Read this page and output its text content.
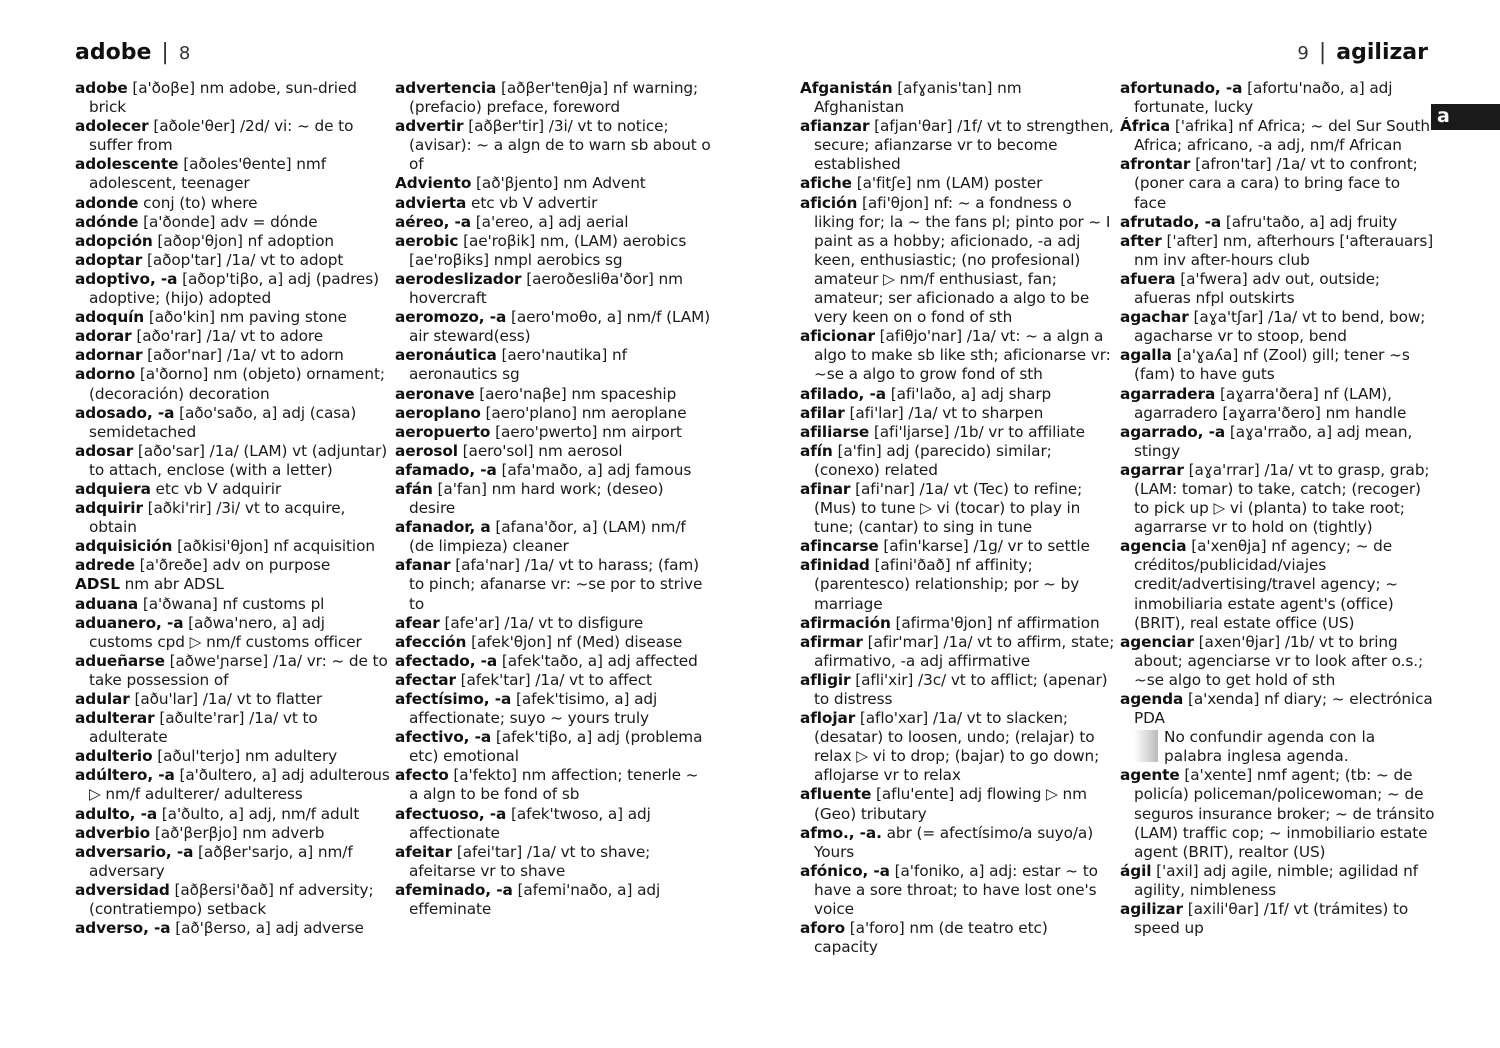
adobe | 8	9 | agilizar
a
adobe [a'ðoβe] nm adobe, sun-dried brick
adolecer [aðole'θer] /2d/ vi: ~ de to suffer from
adolescente [aðoles'θente] nmf adolescent, teenager
adonde conj (to) where
adónde [a'ðonde] adv = dónde
adopción [aðop'θjon] nf adoption
adoptar [aðop'tar] /1a/ vt to adopt
adoptivo, -a [aðop'tiβo, a] adj (padres) adoptive; (hijo) adopted
adoquín [aðo'kin] nm paving stone
adorar [aðo'rar] /1a/ vt to adore
adornar [aðor'nar] /1a/ vt to adorn
adorno [a'ðorno] nm (objeto) ornament; (decoración) decoration
adosado, -a [aðo'saðo, a] adj (casa) semidetached
adosar [aðo'sar] /1a/ (LAM) vt (adjuntar) to attach, enclose (with a letter)
adquiera etc vb V adquirir
adquirir [aðki'rir] /3i/ vt to acquire, obtain
adquisición [aðkisi'θjon] nf acquisition
adrede [a'ðreðe] adv on purpose
ADSL nm abr ADSL
aduana [a'ðwana] nf customs pl
aduanero, -a [aðwa'nero, a] adj customs cpd ▷ nm/f customs officer
adueñarse [aðwe'ɲarse] /1a/ vr: ~ de to take possession of
adular [aðu'lar] /1a/ vt to flatter
adulterar [aðulte'rar] /1a/ vt to adulterate
adulterio [aðul'terjo] nm adultery
adúltero, -a [a'ðultero, a] adj adulterous ▷ nm/f adulterer/ adulteress
adulto, -a [a'ðulto, a] adj, nm/f adult
adverbio [að'βerβjo] nm adverb
adversario, -a [aðβer'sarjo, a] nm/f adversary
adversidad [aðβersi'ðað] nf adversity; (contratiempo) setback
adverso, -a [að'βerso, a] adj adverse
advertencia [aðβer'tenθja] nf warning; (prefacio) preface, foreword
advertir [aðβer'tir] /3i/ vt to notice; (avisar): ~ a algn de to warn sb about o of
Adviento [að'βjento] nm Advent
advierta etc vb V advertir
aéreo, -a [a'ereo, a] adj aerial
aerobic [ae'roβik] nm, (LAM) aerobics [ae'roβiks] nmpl aerobics sg
aerodeslizador [aeroðesliθa'ðor] nm hovercraft
aeromozo, -a [aero'moθo, a] nm/f (LAM) air steward(ess)
aeronáutica [aero'nautika] nf aeronautics sg
aeronave [aero'naβe] nm spaceship
aeroplano [aero'plano] nm aeroplane
aeropuerto [aero'pwerto] nm airport
aerosol [aero'sol] nm aerosol
afamado, -a [afa'maðo, a] adj famous
afán [a'fan] nm hard work; (deseo) desire
afanador, a [afana'ðor, a] (LAM) nm/f (de limpieza) cleaner
afanar [afa'nar] /1a/ vt to harass; (fam) to pinch; afanarse vr: ~se por to strive to
afear [afe'ar] /1a/ vt to disfigure
afección [afek'θjon] nf (Med) disease
afectado, -a [afek'taðo, a] adj affected
afectar [afek'tar] /1a/ vt to affect
afectísimo, -a [afek'tisimo, a] adj affectionate; suyo ~ yours truly
afectivo, -a [afek'tiβo, a] adj (problema etc) emotional
afecto [a'fekto] nm affection; tenerle ~ a algn to be fond of sb
afectuoso, -a [afek'twoso, a] adj affectionate
afeitar [afei'tar] /1a/ vt to shave; afeitarse vr to shave
afeminado, -a [afemi'naðo, a] adj effeminate
Afganistán [afɣanis'tan] nm Afghanistan
afianzar [afjan'θar] /1f/ vt to strengthen, secure; afianzarse vr to become established
afiche [a'fitʃe] nm (LAM) poster
afición [afi'θjon] nf: ~ a fondness o liking for; la ~ the fans pl; pinto por ~ I paint as a hobby; aficionado, -a adj keen, enthusiastic; (no profesional) amateur ▷ nm/f enthusiast, fan; amateur; ser aficionado a algo to be very keen on o fond of sth
aficionar [afiθjo'nar] /1a/ vt: ~ a algn a algo to make sb like sth; aficionarse vr: ~se a algo to grow fond of sth
afilado, -a [afi'laðo, a] adj sharp
afilar [afi'lar] /1a/ vt to sharpen
afiliarse [afi'ljarse] /1b/ vr to affiliate
afín [a'fin] adj (parecido) similar; (conexo) related
afinar [afi'nar] /1a/ vt (Tec) to refine; (Mus) to tune ▷ vi (tocar) to play in tune; (cantar) to sing in tune
afincarse [afin'karse] /1g/ vr to settle
afinidad [afini'ðað] nf affinity; (parentesco) relationship; por ~ by marriage
afirmación [afirma'θjon] nf affirmation
afirmar [afir'mar] /1a/ vt to affirm, state; afirmativo, -a adj affirmative
afligir [afli'xir] /3c/ vt to afflict; (apenar) to distress
aflojar [aflo'xar] /1a/ vt to slacken; (desatar) to loosen, undo; (relajar) to relax ▷ vi to drop; (bajar) to go down; aflojarse vr to relax
afluente [aflu'ente] adj flowing ▷ nm (Geo) tributary
afmo., -a. abr (= afectísimo/a suyo/a) Yours
afónico, -a [a'foniko, a] adj: estar ~ to have a sore throat; to have lost one's voice
aforo [a'foro] nm (de teatro etc) capacity
afortunado, -a [afortu'naðo, a] adj fortunate, lucky
África ['afrika] nf Africa; ~ del Sur South Africa; africano, -a adj, nm/f African
afrontar [afron'tar] /1a/ vt to confront; (poner cara a cara) to bring face to face
afrutado, -a [afru'taðo, a] adj fruity
after ['after] nm, afterhours ['afterauars] nm inv after-hours club
afuera [a'fwera] adv out, outside; afueras nfpl outskirts
agachar [aɣa'tʃar] /1a/ vt to bend, bow; agacharse vr to stoop, bend
agalla [a'ɣaʎa] nf (Zool) gill; tener ~s (fam) to have guts
agarradera [aɣarra'ðera] nf (LAM), agarradero [aɣarra'ðero] nm handle
agarrado, -a [aɣa'rraðo, a] adj mean, stingy
agarrar [aɣa'rrar] /1a/ vt to grasp, grab; (LAM: tomar) to take, catch; (recoger) to pick up ▷ vi (planta) to take root; agarrarse vr to hold on (tightly)
agencia [a'xenθja] nf agency; ~ de créditos/publicidad/viajes credit/advertising/travel agency; ~ inmobiliaria estate agent's (office) (BRIT), real estate office (US)
agenciar [axen'θjar] /1b/ vt to bring about; agenciarse vr to look after o.s.; ~se algo to get hold of sth
agenda [a'xenda] nf diary; ~ electrónica PDA
No confundir agenda con la palabra inglesa agenda.
agente [a'xente] nmf agent; (tb: ~ de policía) policeman/policewoman; ~ de seguros insurance broker; ~ de tránsito (LAM) traffic cop; ~ inmobiliario estate agent (BRIT), realtor (US)
ágil ['axil] adj agile, nimble; agilidad nf agility, nimbleness
agilizar [axili'θar] /1f/ vt (trámites) to speed up
